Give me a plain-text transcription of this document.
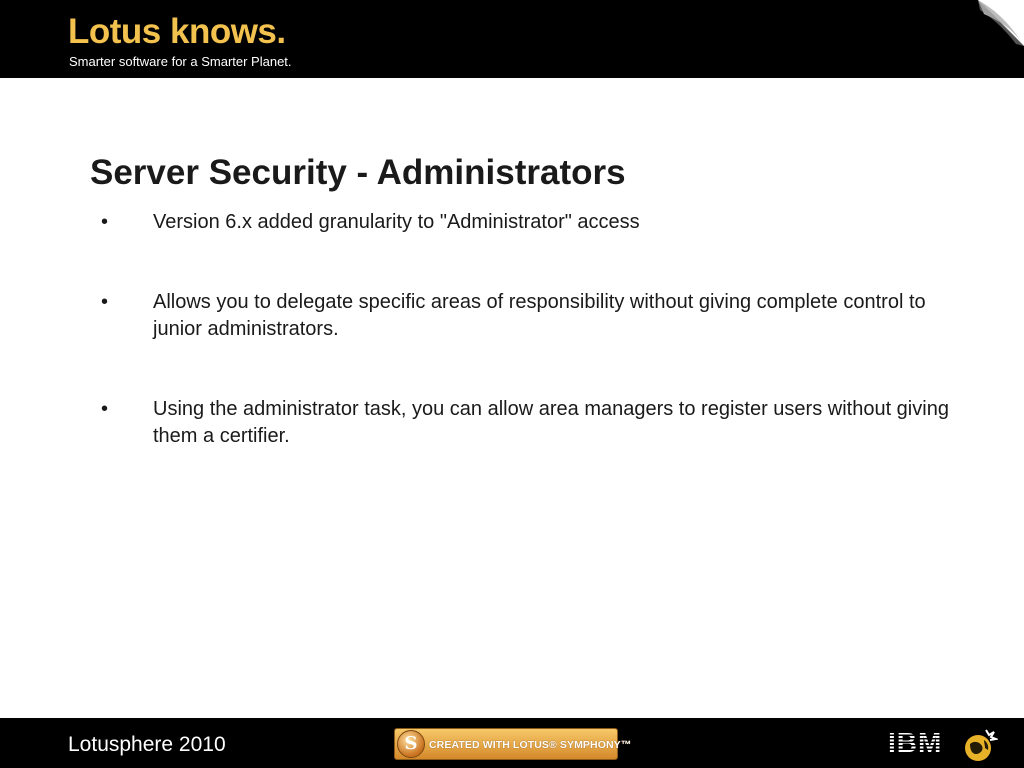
Lotus knows.
Smarter software for a Smarter Planet.
Server Security - Administrators
• Version 6.x added granularity to "Administrator" access
• Allows you to delegate specific areas of responsibility without giving complete control to junior administrators.
• Using the administrator task, you can allow area managers to register users without giving them a certifier.
Lotusphere 2010	S	CREATED WITH LOTUS® SYMPHONY™	IBM
